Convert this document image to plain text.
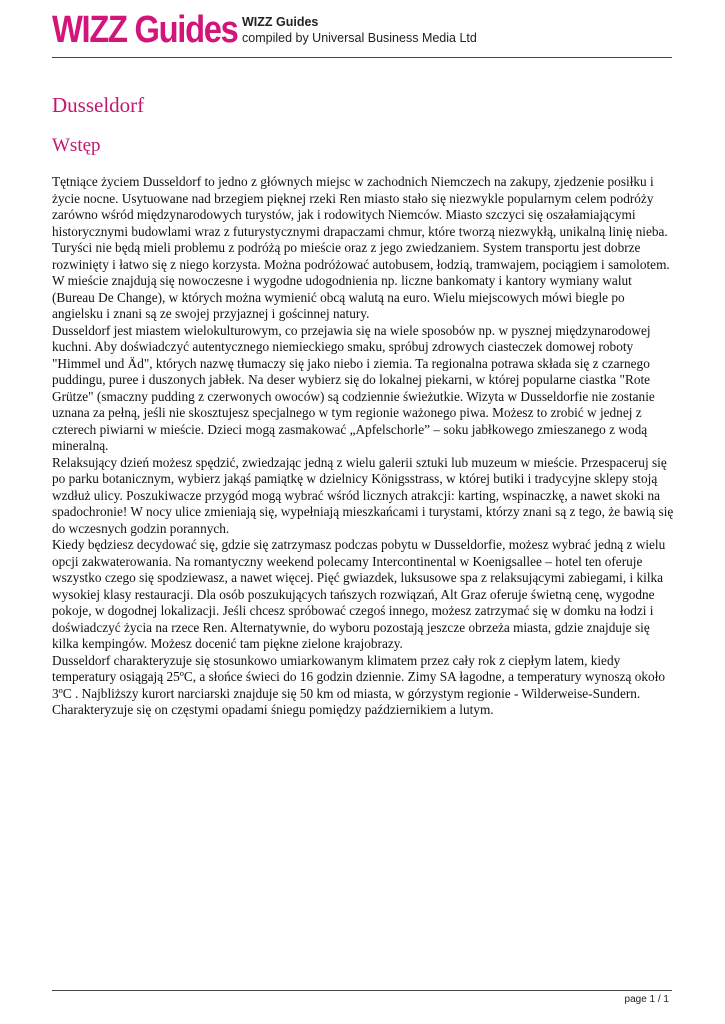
WIZZ Guides WIZZ Guides
compiled by Universal Business Media Ltd
Dusseldorf
Wstęp

Tętniące życiem Dusseldorf to jedno z głównych miejsc w zachodnich Niemczech na zakupy, zjedzenie posiłku i życie nocne. Usytuowane nad brzegiem pięknej rzeki Ren miasto stało się niezwykle popularnym celem podróży zarówno wśród międzynarodowych turystów, jak i rodowitych Niemców. Miasto szczyci się oszałamiającymi historycznymi budowlami wraz z futurystycznymi drapaczami chmur, które tworzą niezwykłą, unikalną linię nieba.

Turyści nie będą mieli problemu z podróżą po mieście oraz z jego zwiedzaniem. System transportu jest dobrze rozwinięty i łatwo się z niego korzysta. Można podróżować autobusem, łodzią, tramwajem, pociągiem i samolotem. W mieście znajdują się nowoczesne i wygodne udogodnienia np. liczne bankomaty i kantory wymiany walut (Bureau De Change), w których można wymienić obcą walutą na euro. Wielu miejscowych mówi biegle po angielsku i znani są ze swojej przyjaznej i gościnnej natury.

Dusseldorf jest miastem wielokulturowym, co przejawia się na wiele sposobów np. w pysznej międzynarodowej kuchni. Aby doświadczyć autentycznego niemieckiego smaku, spróbuj zdrowych ciasteczek domowej roboty "Himmel und Äd", których nazwę tłumaczy się jako niebo i ziemia. Ta regionalna potrawa składa się z czarnego puddingu, puree i duszonych jabłek. Na deser wybierz się do lokalnej piekarni, w której popularne ciastka "Rote Grütze" (smaczny pudding z czerwonych owoców) są codziennie świeżutkie. Wizyta w Dusseldorfie nie zostanie uznana za pełną, jeśli nie skosztujesz specjalnego w tym regionie ważonego piwa. Możesz to zrobić w jednej z czterech piwiarni w mieście. Dzieci mogą zasmakować „Apfelschorle” – soku jabłkowego zmieszanego z wodą mineralną.

Relaksujący dzień możesz spędzić, zwiedzając jedną z wielu galerii sztuki lub muzeum w mieście. Przespaceruj się po parku botanicznym, wybierz jakąś pamiątkę w dzielnicy Königsstrass, w której butiki i tradycyjne sklepy stoją wzdłuż ulicy. Poszukiwacze przygód mogą wybrać wśród licznych atrakcji: karting, wspinaczkę, a nawet skoki na spadochronie! W nocy ulice zmieniają się, wypełniają mieszkańcami i turystami, którzy znani są z tego, że bawią się do wczesnych godzin porannych.

Kiedy będziesz decydować się, gdzie się zatrzymasz podczas pobytu w Dusseldorfie, możesz wybrać jedną z wielu opcji zakwaterowania. Na romantyczny weekend polecamy Intercontinental w Koenigsallee – hotel ten oferuje wszystko czego się spodziewasz, a nawet więcej. Pięć gwiazdek, luksusowe spa z relaksującymi zabiegami, i kilka wysokiej klasy restauracji. Dla osób poszukujących tańszych rozwiązań, Alt Graz oferuje świetną cenę, wygodne pokoje, w dogodnej lokalizacji. Jeśli chcesz spróbować czegoś innego, możesz zatrzymać się w domku na łodzi i doświadczyć życia na rzece Ren. Alternatywnie, do wyboru pozostają jeszcze obrzeża miasta, gdzie znajduje się kilka kempingów. Możesz docenić tam piękne zielone krajobrazy.

Dusseldorf charakteryzuje się stosunkowo umiarkowanym klimatem przez cały rok z ciepłym latem, kiedy temperatury osiągają 25ºC, a słońce świeci do 16 godzin dziennie. Zimy SA łagodne, a temperatury wynoszą około 3ºC . Najbliższy kurort narciarski znajduje się 50 km od miasta, w górzystym regionie - Wilderweise-Sundern. Charakteryzuje się on częstymi opadami śniegu pomiędzy październikiem a lutym.

page 1 / 1
